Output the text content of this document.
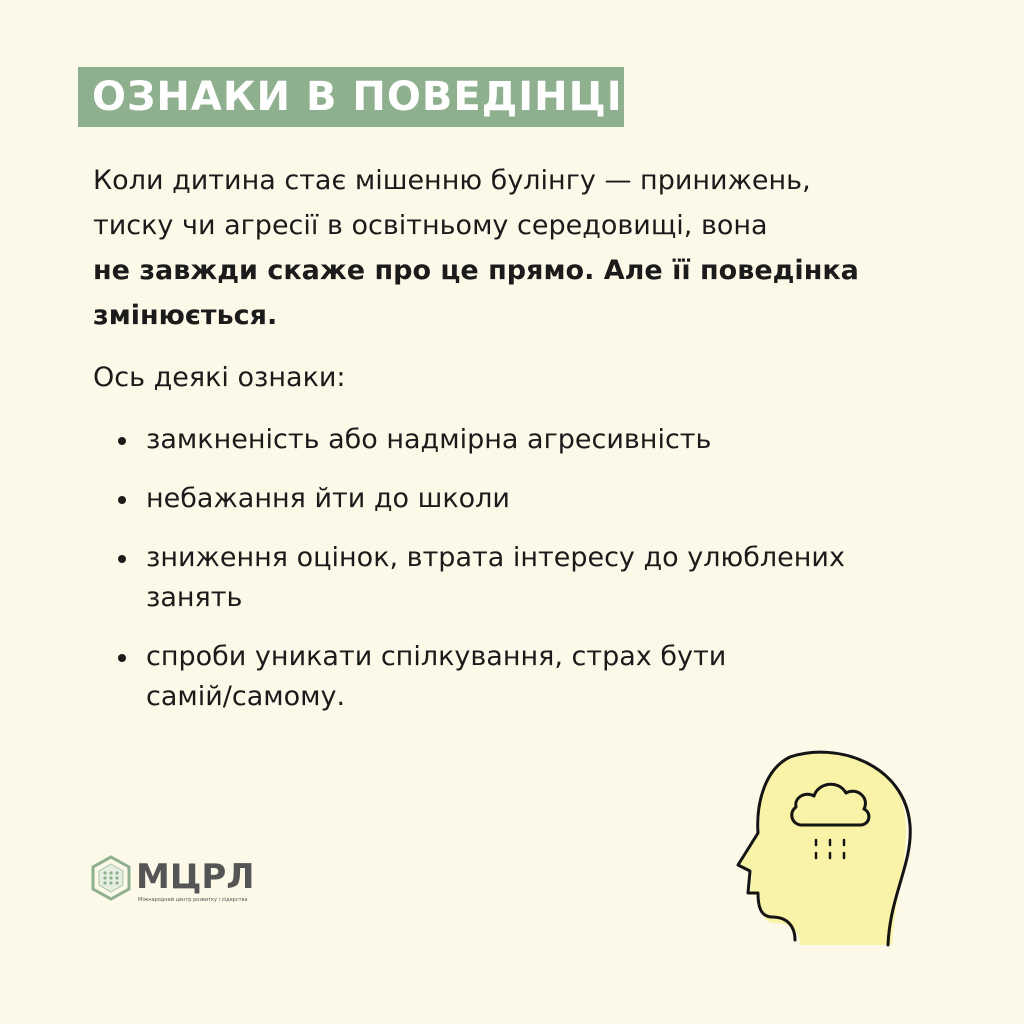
ОЗНАКИ В ПОВЕДІНЦІ
Коли дитина стає мішенню булінгу — принижень,
тиску чи агресії в освітньому середовищі, вона
не завжди скаже про це прямо. Але її поведінка
змінюється.
Ось деякі ознаки:
замкненість або надмірна агресивність
небажання йти до школи
зниження оцінок, втрата інтересу до улюблених
занять
спроби уникати спілкування, страх бути
самій/самому.
МЦРЛ
Міжнародний центр розвитку і лідерства
